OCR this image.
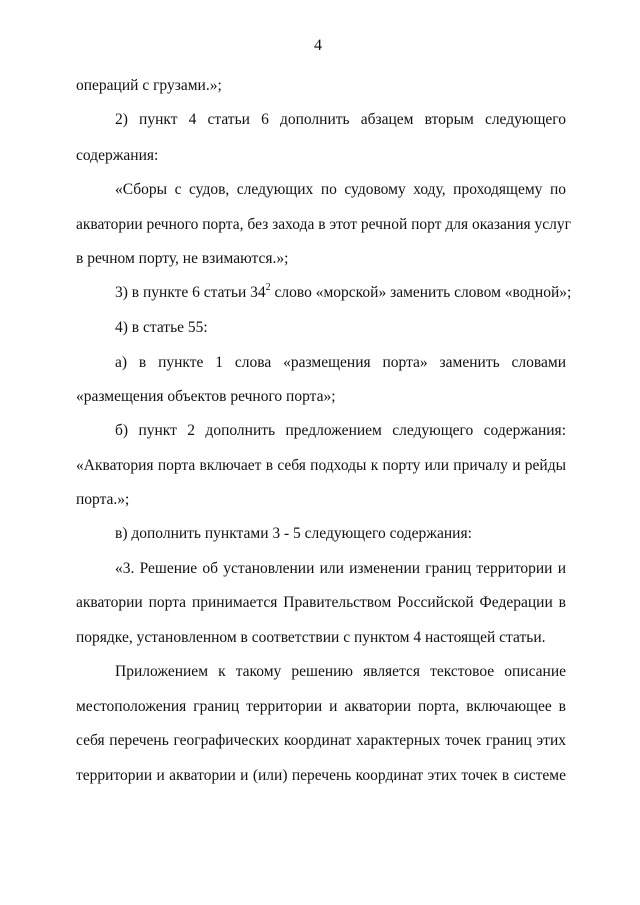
4

операций с грузами.»;

2) пункт 4 статьи 6 дополнить абзацем вторым следующего

содержания:

«Сборы с судов, следующих по судовому ходу, проходящему по

акватории речного порта, без захода в этот речной порт для оказания услуг

в речном порту, не взимаются.»;

3) в пункте 6 статьи $34^2$ слово «морской» заменить словом «водной»;

4) в статье 55:

а) в пункте 1 слова «размещения порта» заменить словами

«размещения объектов речного порта»;

б) пункт 2 дополнить предложением следующего содержания:

«Акватория порта включает в себя подходы к порту или причалу и рейды

порта.»;

в) дополнить пунктами 3 - 5 следующего содержания:

«3. Решение об установлении или изменении границ территории и

акватории порта принимается Правительством Российской Федерации в

порядке, установленном в соответствии с пунктом 4 настоящей статьи.

Приложением к такому решению является текстовое описание

местоположения границ территории и акватории порта, включающее в

себя перечень географических координат характерных точек границ этих

территории и акватории и (или) перечень координат этих точек в системе
